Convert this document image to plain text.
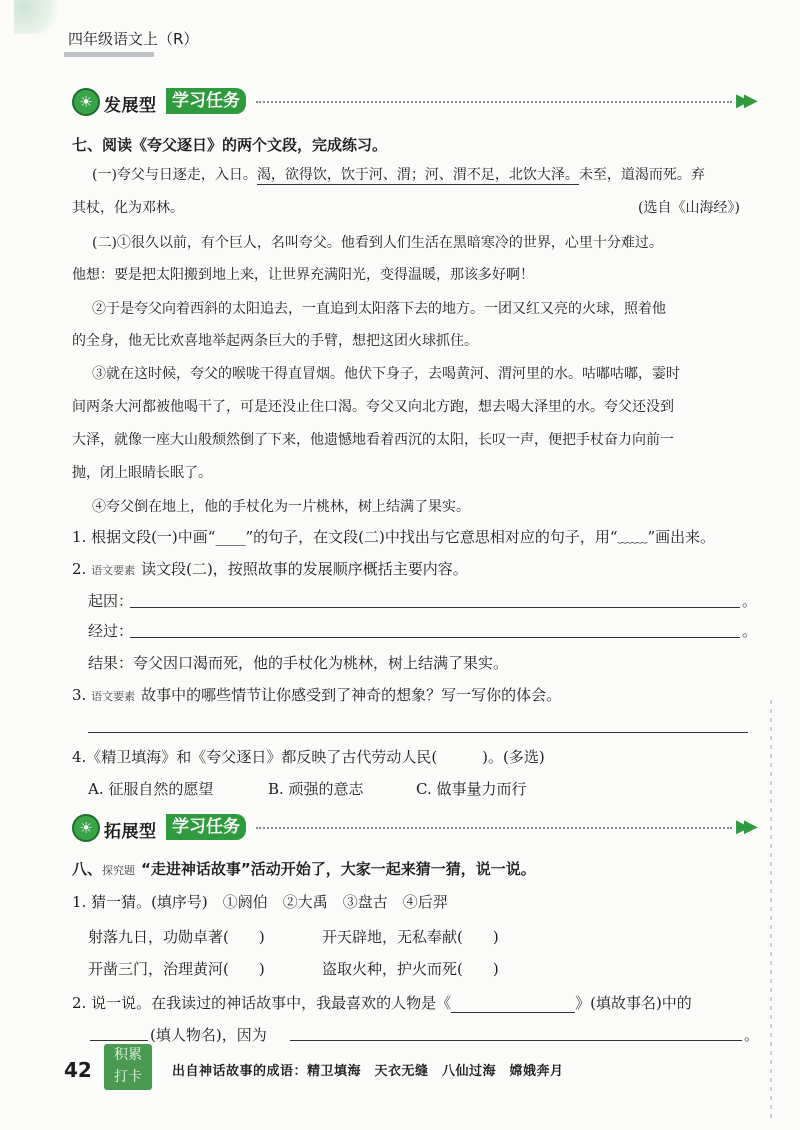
四年级语文上（R）
☀ 发展型 学习任务	▶▶
七、阅读《夸父逐日》的两个文段，完成练习。
(一)夸父与日逐走，入日。渴，欲得饮，饮于河、渭；河、渭不足，北饮大泽。未至，道渴而死。弃
其杖，化为邓林。	(选自《山海经》)
(二)①很久以前，有个巨人，名叫夸父。他看到人们生活在黑暗寒冷的世界，心里十分难过。
他想：要是把太阳搬到地上来，让世界充满阳光，变得温暖，那该多好啊！
②于是夸父向着西斜的太阳追去，一直追到太阳落下去的地方。一团又红又亮的火球，照着他
的全身，他无比欢喜地举起两条巨大的手臂，想把这团火球抓住。
③就在这时候，夸父的喉咙干得直冒烟。他伏下身子，去喝黄河、渭河里的水。咕嘟咕嘟，霎时
间两条大河都被他喝干了，可是还没止住口渴。夸父又向北方跑，想去喝大泽里的水。夸父还没到
大泽，就像一座大山般颓然倒了下来，他遗憾地看着西沉的太阳，长叹一声，便把手杖奋力向前一
抛，闭上眼睛长眠了。
④夸父倒在地上，他的手杖化为一片桃林，树上结满了果实。
1. 根据文段(一)中画“____”的句子，在文段(二)中找出与它意思相对应的句子，用“﹏﹏”画出来。
2. 语文要素 读文段(二)，按照故事的发展顺序概括主要内容。
起因：	。
经过：	。
结果：夸父因口渴而死，他的手杖化为桃林，树上结满了果实。
3. 语文要素 故事中的哪些情节让你感受到了神奇的想象？写一写你的体会。
4.《精卫填海》和《夸父逐日》都反映了古代劳动人民(　　　)。(多选)
A. 征服自然的愿望	B. 顽强的意志	C. 做事量力而行
☀ 拓展型 学习任务	▶▶
八、探究题 “走进神话故事”活动开始了，大家一起来猜一猜，说一说。
1. 猜一猜。(填序号)　①阏伯　②大禹　③盘古　④后羿
射落九日，功勋卓著(　　)	开天辟地，无私奉献(　　)
开凿三门，治理黄河(　　)	盗取火种，护火而死(　　)
2. 说一说。在我读过的神话故事中，我最喜欢的人物是《	》(填故事名)中的
(填人物名)，因为	。
42
积累
打卡	出自神话故事的成语：精卫填海　天衣无缝　八仙过海　嫦娥奔月
